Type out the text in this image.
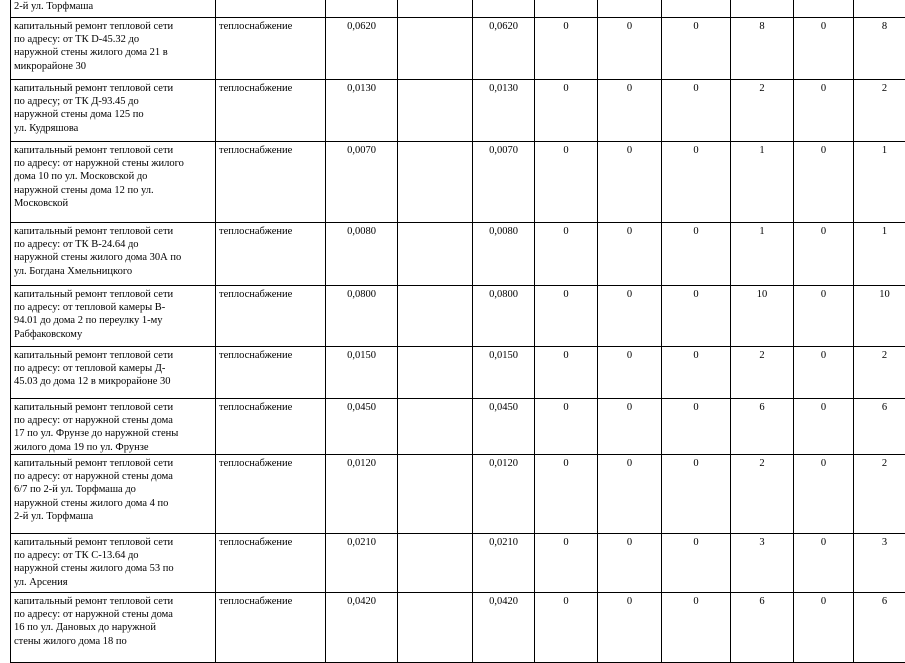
2-й ул. Торфмаша										

капитальный ремонт тепловой сети
по адресу: от ТК D-45.32 до
наружной стены жилого дома 21 в
микрорайоне 30	теплоснабжение	0,0620		0,0620	0	0	0	8	0	8

капитальный ремонт тепловой сети
по адресу; от ТК Д-93.45 до
наружной стены дома 125 по
ул. Кудряшова	теплоснабжение	0,0130		0,0130	0	0	0	2	0	2

капитальный ремонт тепловой сети
по адресу: от наружной стены жилого
дома 10 по ул. Московской до
наружной стены дома 12 по ул.
Московской	теплоснабжение	0,0070		0,0070	0	0	0	1	0	1

капитальный ремонт тепловой сети
по адресу: от ТК В-24.64 до
наружной стены жилого дома 30А по
ул. Богдана Хмельницкого	теплоснабжение	0,0080		0,0080	0	0	0	1	0	1

капитальный ремонт тепловой сети
по адресу: от тепловой камеры В-
94.01 до дома 2 по переулку 1-му
Рабфаковскому	теплоснабжение	0,0800		0,0800	0	0	0	10	0	10

капитальный ремонт тепловой сети
по адресу: от тепловой камеры Д-
45.03 до дома 12 в микрорайоне 30	теплоснабжение	0,0150		0,0150	0	0	0	2	0	2

капитальный ремонт тепловой сети
по адресу: от наружной стены дома
17 по ул. Фрунзе до наружной стены
жилого дома 19 по ул. Фрунзе	теплоснабжение	0,0450		0,0450	0	0	0	6	0	6

капитальный ремонт тепловой сети
по адресу: от наружной стены дома
6/7 по 2-й ул. Торфмаша до
наружной стены жилого дома 4 по
2-й ул. Торфмаша	теплоснабжение	0,0120		0,0120	0	0	0	2	0	2

капитальный ремонт тепловой сети
по адресу: от ТК С-13.64 до
наружной стены жилого дома 53 по
ул. Арсения	теплоснабжение	0,0210		0,0210	0	0	0	3	0	3

капитальный ремонт тепловой сети
по адресу: от наружной стены дома
16 по ул. Дановых до наружной
стены жилого дома 18 по	теплоснабжение	0,0420		0,0420	0	0	0	6	0	6
